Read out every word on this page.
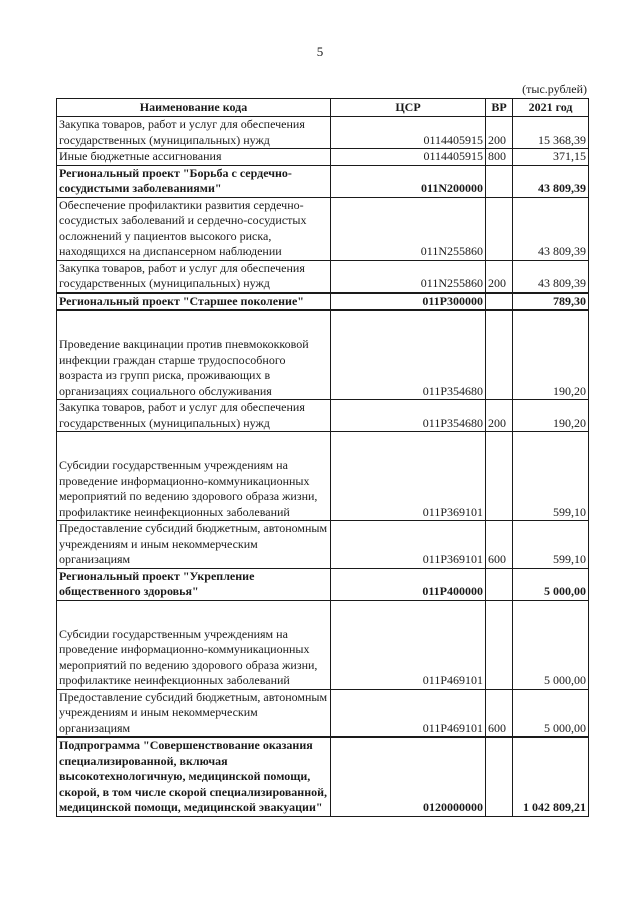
5
(тыс.рублей)
Наименование кода	ЦСР	ВР	2021 год
Закупка товаров, работ и услуг для обеспечения государственных (муниципальных) нужд	0114405915	200	15 368,39
Иные бюджетные ассигнования	0114405915	800	371,15
Региональный проект "Борьба с сердечно-сосудистыми заболеваниями"	011N200000		43 809,39
Обеспечение профилактики развития сердечно-сосудистых заболеваний и сердечно-сосудистых осложнений у пациентов высокого риска, находящихся на диспансерном наблюдении	011N255860		43 809,39
Закупка товаров, работ и услуг для обеспечения государственных (муниципальных) нужд	011N255860	200	43 809,39
Региональный проект "Старшее поколение"	011P300000		789,30
Проведение вакцинации против пневмококковой инфекции граждан старше трудоспособного возраста из групп риска, проживающих в организациях социального обслуживания	011P354680		190,20
Закупка товаров, работ и услуг для обеспечения государственных (муниципальных) нужд	011P354680	200	190,20
Субсидии государственным учреждениям на проведение информационно-коммуникационных мероприятий по ведению здорового образа жизни, профилактике неинфекционных заболеваний	011P369101		599,10
Предоставление субсидий бюджетным, автономным учреждениям и иным некоммерческим организациям	011P369101	600	599,10
Региональный проект "Укрепление общественного здоровья"	011P400000		5 000,00
Субсидии государственным учреждениям на проведение информационно-коммуникационных мероприятий по ведению здорового образа жизни, профилактике неинфекционных заболеваний	011P469101		5 000,00
Предоставление субсидий бюджетным, автономным учреждениям и иным некоммерческим организациям	011P469101	600	5 000,00
Подпрограмма "Совершенствование оказания специализированной, включая высокотехнологичную, медицинской помощи, скорой, в том числе скорой специализированной, медицинской помощи, медицинской эвакуации"	0120000000		1 042 809,21
